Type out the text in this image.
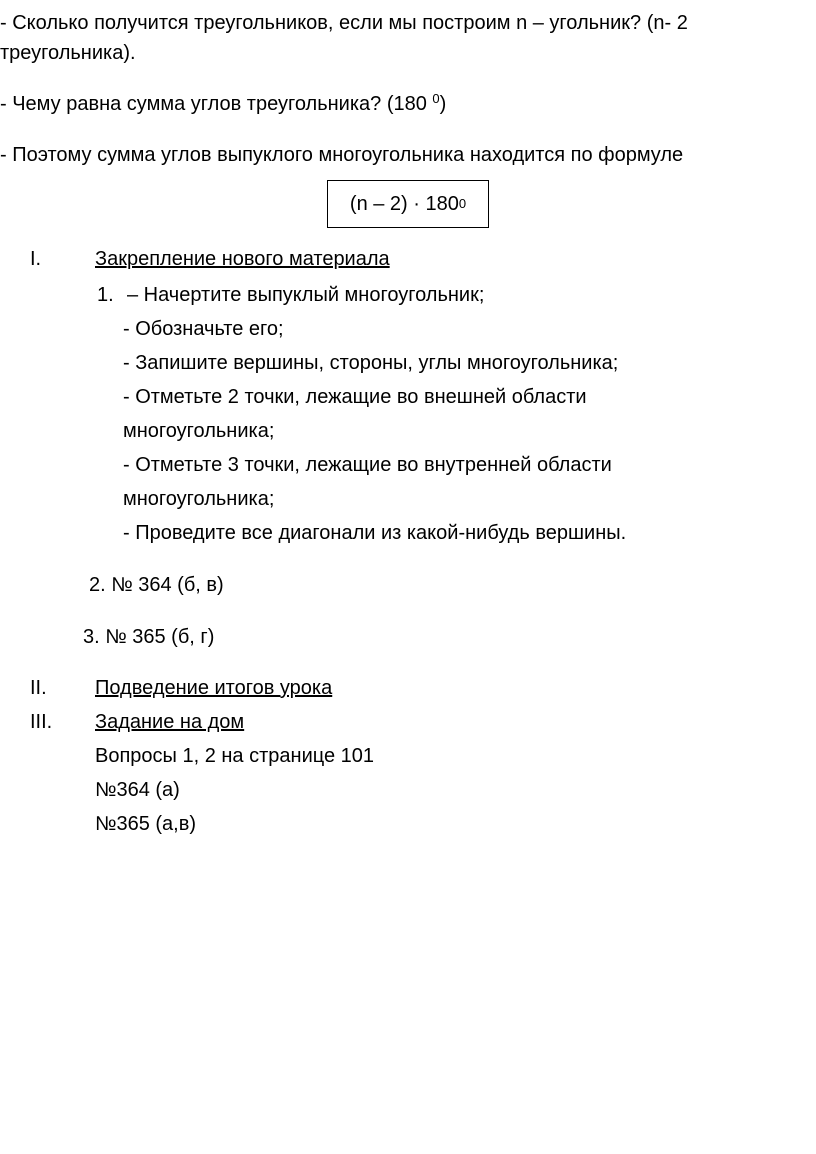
- Сколько получится треугольников, если мы построим n – угольник? (n- 2
треугольника).
- Чему равна сумма углов треугольника? (180 $^0$)
- Поэтому сумма углов выпуклого многоугольника находится по формуле
(n – 2) · 180 0
I.	Закрепление нового материала
1. – Начертите выпуклый многоугольник;
- Обозначьте его;
- Запишите вершины, стороны, углы многоугольника;
- Отметьте 2 точки, лежащие во внешней области
многоугольника;
- Отметьте 3 точки, лежащие во внутренней области
многоугольника;
- Проведите все диагонали из какой-нибудь вершины.
2. № 364 (б, в)
3. № 365 (б, г)
II. Подведение итогов урока
III. Задание на дом
Вопросы 1, 2 на странице 101
№364 (а)
№365 (а,в)
